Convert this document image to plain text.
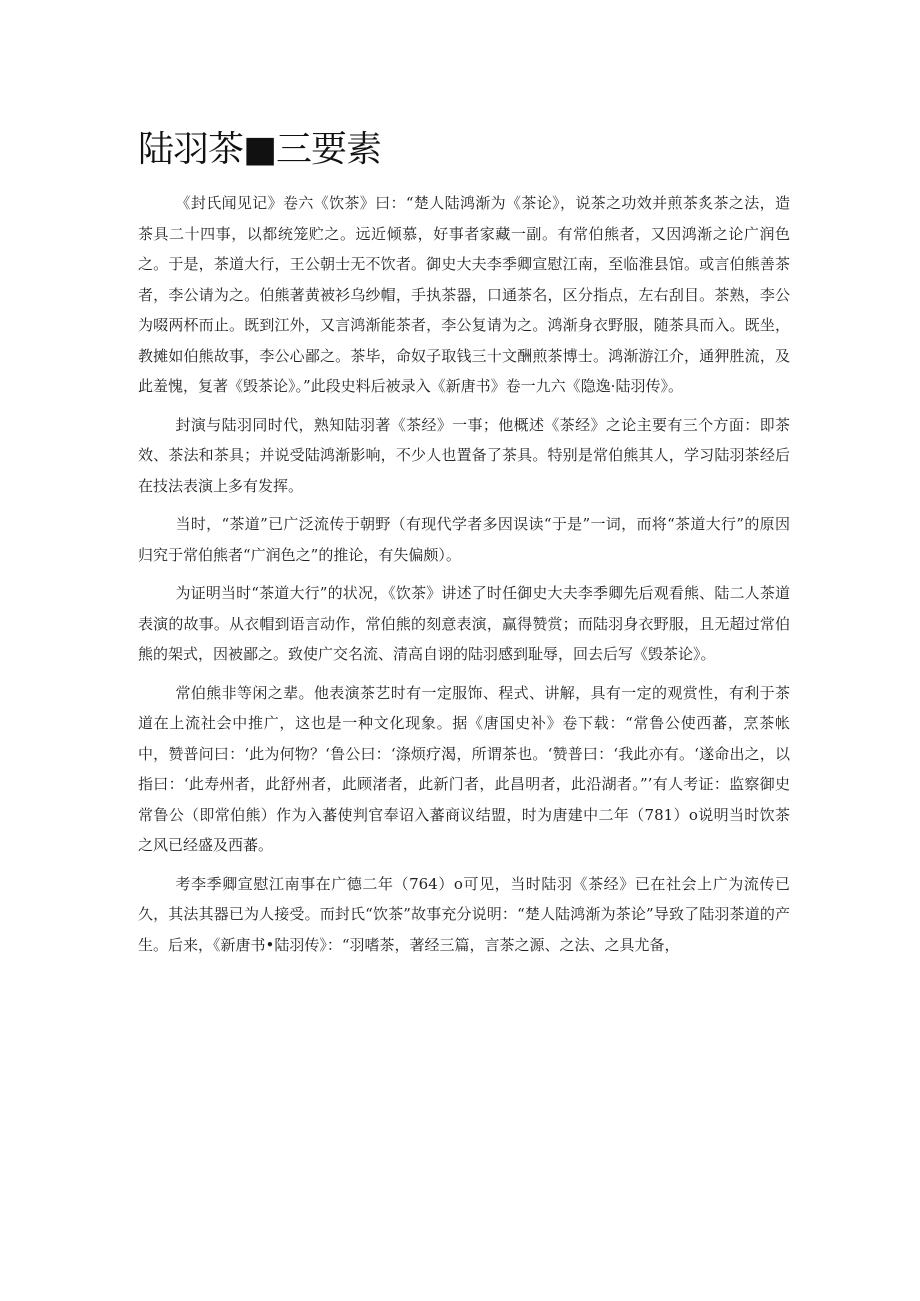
陆羽茶■三要素

《封氏闻见记》卷六《饮茶》曰：“楚人陆鸿渐为《茶论》，说茶之功效并煎茶炙茶之法，造茶具二十四事，以都统笼贮之。远近倾慕，好事者家藏一副。有常伯熊者，又因鸿渐之论广润色之。于是，茶道大行，王公朝士无不饮者。御史大夫李季卿宣慰江南，至临淮县馆。或言伯熊善茶者，李公请为之。伯熊著黄被衫乌纱帽，手执茶器，口通茶名，区分指点，左右刮目。茶熟，李公为啜两杯而止。既到江外，又言鸿渐能茶者，李公复请为之。鸿渐身衣野服，随茶具而入。既坐，教摊如伯熊故事，李公心鄙之。茶毕，命奴子取钱三十文酬煎茶博士。鸿渐游江介，通狎胜流，及此羞愧，复著《毁茶论》。”此段史料后被录入《新唐书》卷一九六《隐逸·陆羽传》。

封演与陆羽同时代，熟知陆羽著《茶经》一事；他概述《茶经》之论主要有三个方面：即茶效、茶法和茶具；并说受陆鸿渐影响，不少人也置备了茶具。特别是常伯熊其人，学习陆羽茶经后在技法表演上多有发挥。

当时，“茶道”已广泛流传于朝野（有现代学者多因误读“于是”一词，而将“茶道大行”的原因归究于常伯熊者“广润色之”的推论，有失偏颇）。

为证明当时“茶道大行”的状况，《饮茶》讲述了时任御史大夫李季卿先后观看熊、陆二人茶道表演的故事。从衣帽到语言动作，常伯熊的刻意表演，赢得赞赏；而陆羽身衣野服，且无超过常伯熊的架式，因被鄙之。致使广交名流、清高自诩的陆羽感到耻辱，回去后写《毁茶论》。

常伯熊非等闲之辈。他表演茶艺时有一定服饰、程式、讲解，具有一定的观赏性，有利于茶道在上流社会中推广，这也是一种文化现象。据《唐国史补》卷下载：“常鲁公使西蕃，烹茶帐中，赞普问曰：‘此为何物？‘鲁公曰：‘涤烦疗渴，所谓茶也。‘赞普曰：‘我此亦有。‘遂命出之，以指曰：‘此寿州者，此舒州者，此顾渚者，此新门者，此昌明者，此沿湖者。”’有人考证：监察御史常鲁公（即常伯熊）作为入蕃使判官奉诏入蕃商议结盟，时为唐建中二年（781）o说明当时饮茶之风已经盛及西蕃。

考李季卿宣慰江南事在广德二年（764）o可见，当时陆羽《茶经》已在社会上广为流传已久，其法其器已为人接受。而封氏“饮茶”故事充分说明：“楚人陆鸿渐为茶论”导致了陆羽茶道的产生。后来，《新唐书•陆羽传》：“羽嗜茶，著经三篇，言茶之源、之法、之具尤备，
